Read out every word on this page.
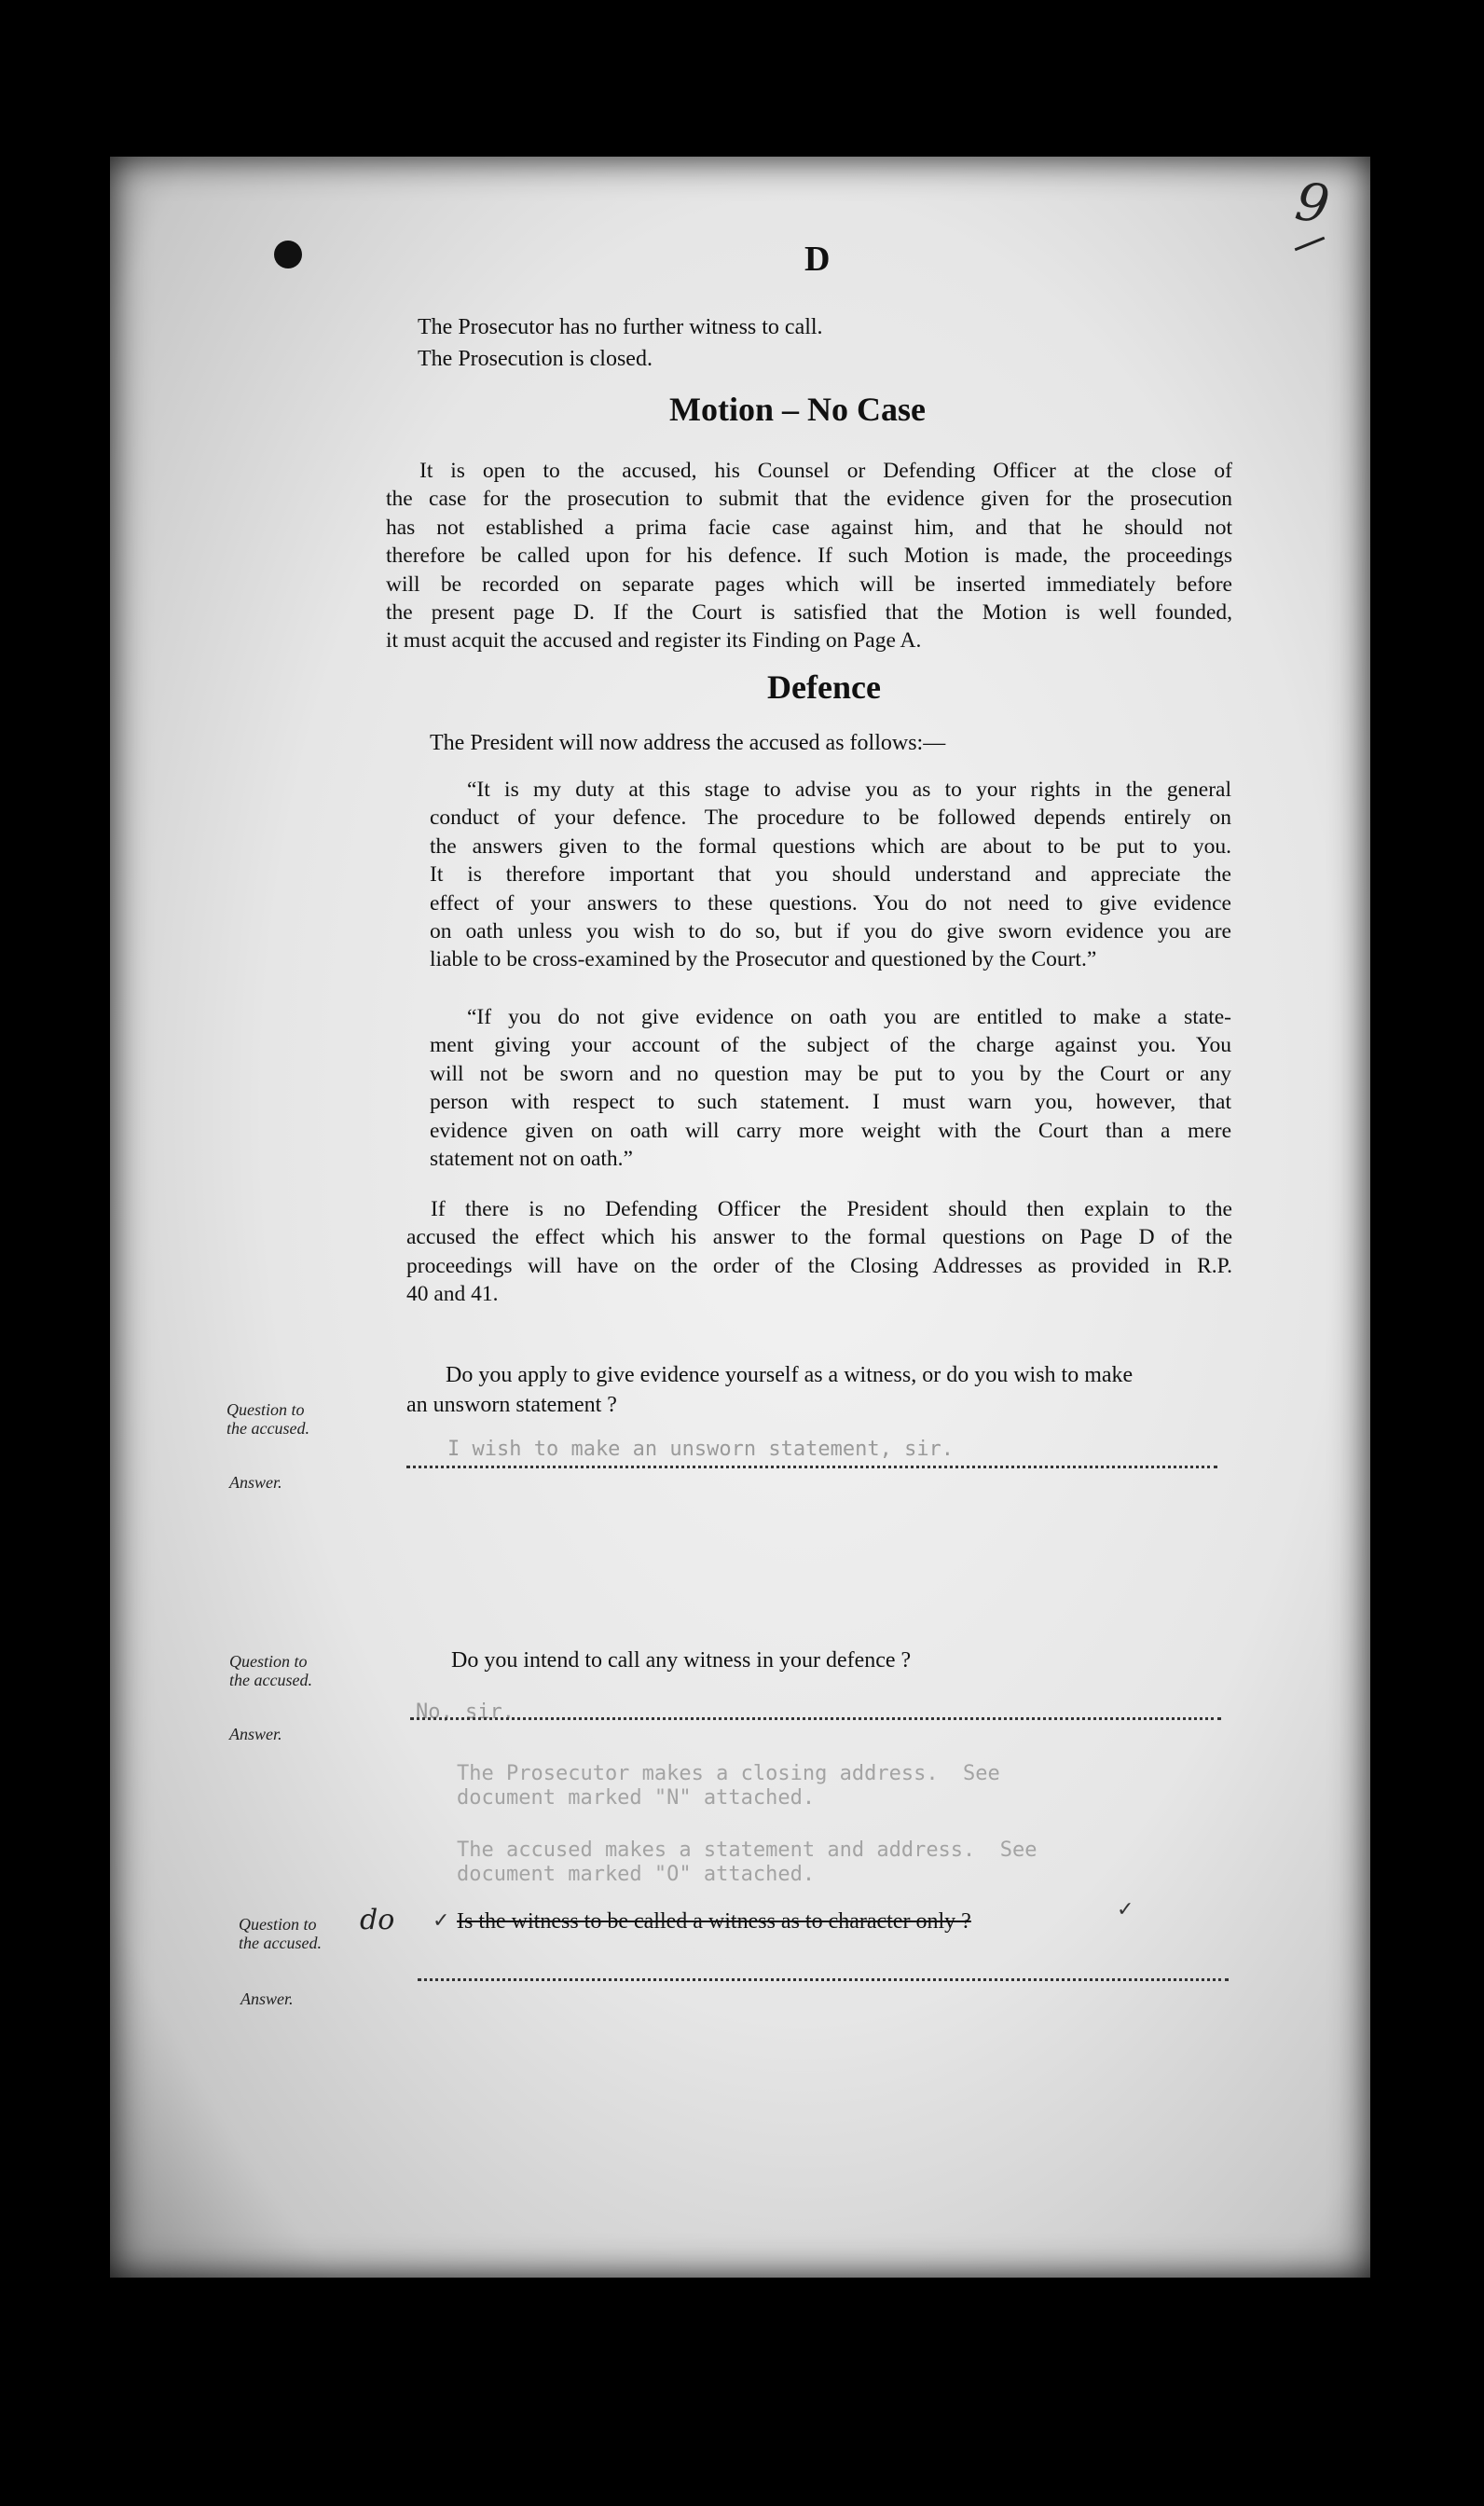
D
9
The Prosecutor has no further witness to call.
The Prosecution is closed.
Motion – No Case

It is open to the accused, his Counsel or Defending Officer at the close of

the case for the prosecution to submit that the evidence given for the prosecution

has not established a prima facie case against him, and that he should not

therefore be called upon for his defence. If such Motion is made, the proceedings

will be recorded on separate pages which will be inserted immediately before

the present page D. If the Court is satisfied that the Motion is well founded,

it must acquit the accused and register its Finding on Page A.

Defence
The President will now address the accused as follows:—

“It is my duty at this stage to advise you as to your rights in the general

conduct of your defence. The procedure to be followed depends entirely on

the answers given to the formal questions which are about to be put to you.

It is therefore important that you should understand and appreciate the

effect of your answers to these questions. You do not need to give evidence

on oath unless you wish to do so, but if you do give sworn evidence you are

liable to be cross-examined by the Prosecutor and questioned by the Court.”

“If you do not give evidence on oath you are entitled to make a state-

ment giving your account of the subject of the charge against you. You

will not be sworn and no question may be put to you by the Court or any

person with respect to such statement. I must warn you, however, that

evidence given on oath will carry more weight with the Court than a mere

statement not on oath.”

If there is no Defending Officer the President should then explain to the

accused the effect which his answer to the formal questions on Page D of the

proceedings will have on the order of the Closing Addresses as provided in R.P.

40 and 41.

Question to
the accused.
Answer.
Do you apply to give evidence yourself as a witness, or do you wish to make
an unsworn statement ?
I wish to make an unsworn statement, sir.
Question to
the accused.
Answer.
Do you intend to call any witness in your defence ?
No, sir.
The Prosecutor makes a closing address.  See
document marked "N" attached.
The accused makes a statement and address.  See
document marked "O" attached.
Question to
the accused.
Answer.
do ✓ Is the witness to be called a witness as to character only ?	✓
